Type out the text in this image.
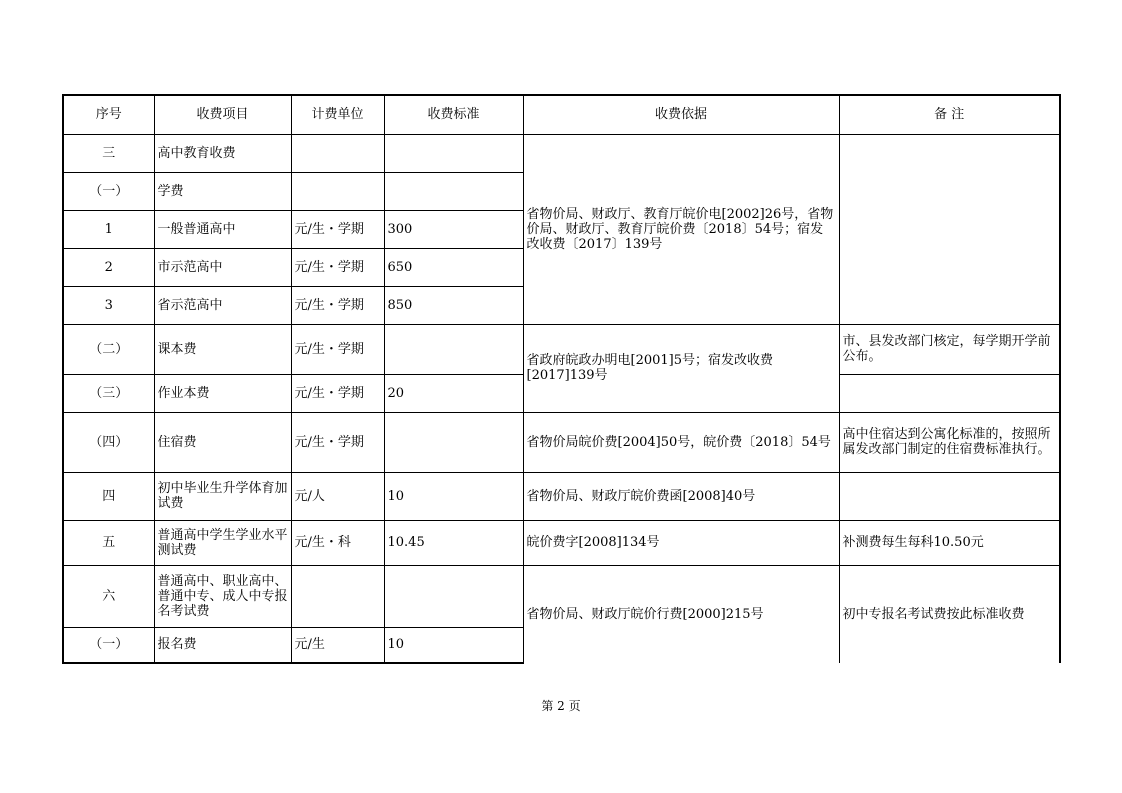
序号	收费项目	计费单位	收费标准	收费依据	备 注
三	高中教育收费			省物价局、财政厅、教育厅皖价电[2002]26号，省物价局、财政厅、教育厅皖价费〔2018〕54号；宿发改收费〔2017〕139号	
（一）	学费				
1	一般普通高中	元/生・学期	300		
2	市示范高中	元/生・学期	650		
3	省示范高中	元/生・学期	850		
（二）	课本费	元/生・学期		省政府皖政办明电[2001]5号；宿发改收费[2017]139号	市、县发改部门核定，每学期开学前公布。
（三）	作业本费	元/生・学期	20		
（四）	住宿费	元/生・学期		省物价局皖价费[2004]50号，皖价费〔2018〕54号	高中住宿达到公寓化标准的，按照所属发改部门制定的住宿费标准执行。
四	初中毕业生升学体育加试费	元/人	10	省物价局、财政厅皖价费函[2008]40号	
五	普通高中学生学业水平测试费	元/生・科	10.45	皖价费字[2008]134号	补测费每生每科10.50元
六	普通高中、职业高中、普通中专、成人中专报名考试费			省物价局、财政厅皖价行费[2000]215号	初中专报名考试费按此标准收费
（一）	报名费	元/生	10		
第 2 页
